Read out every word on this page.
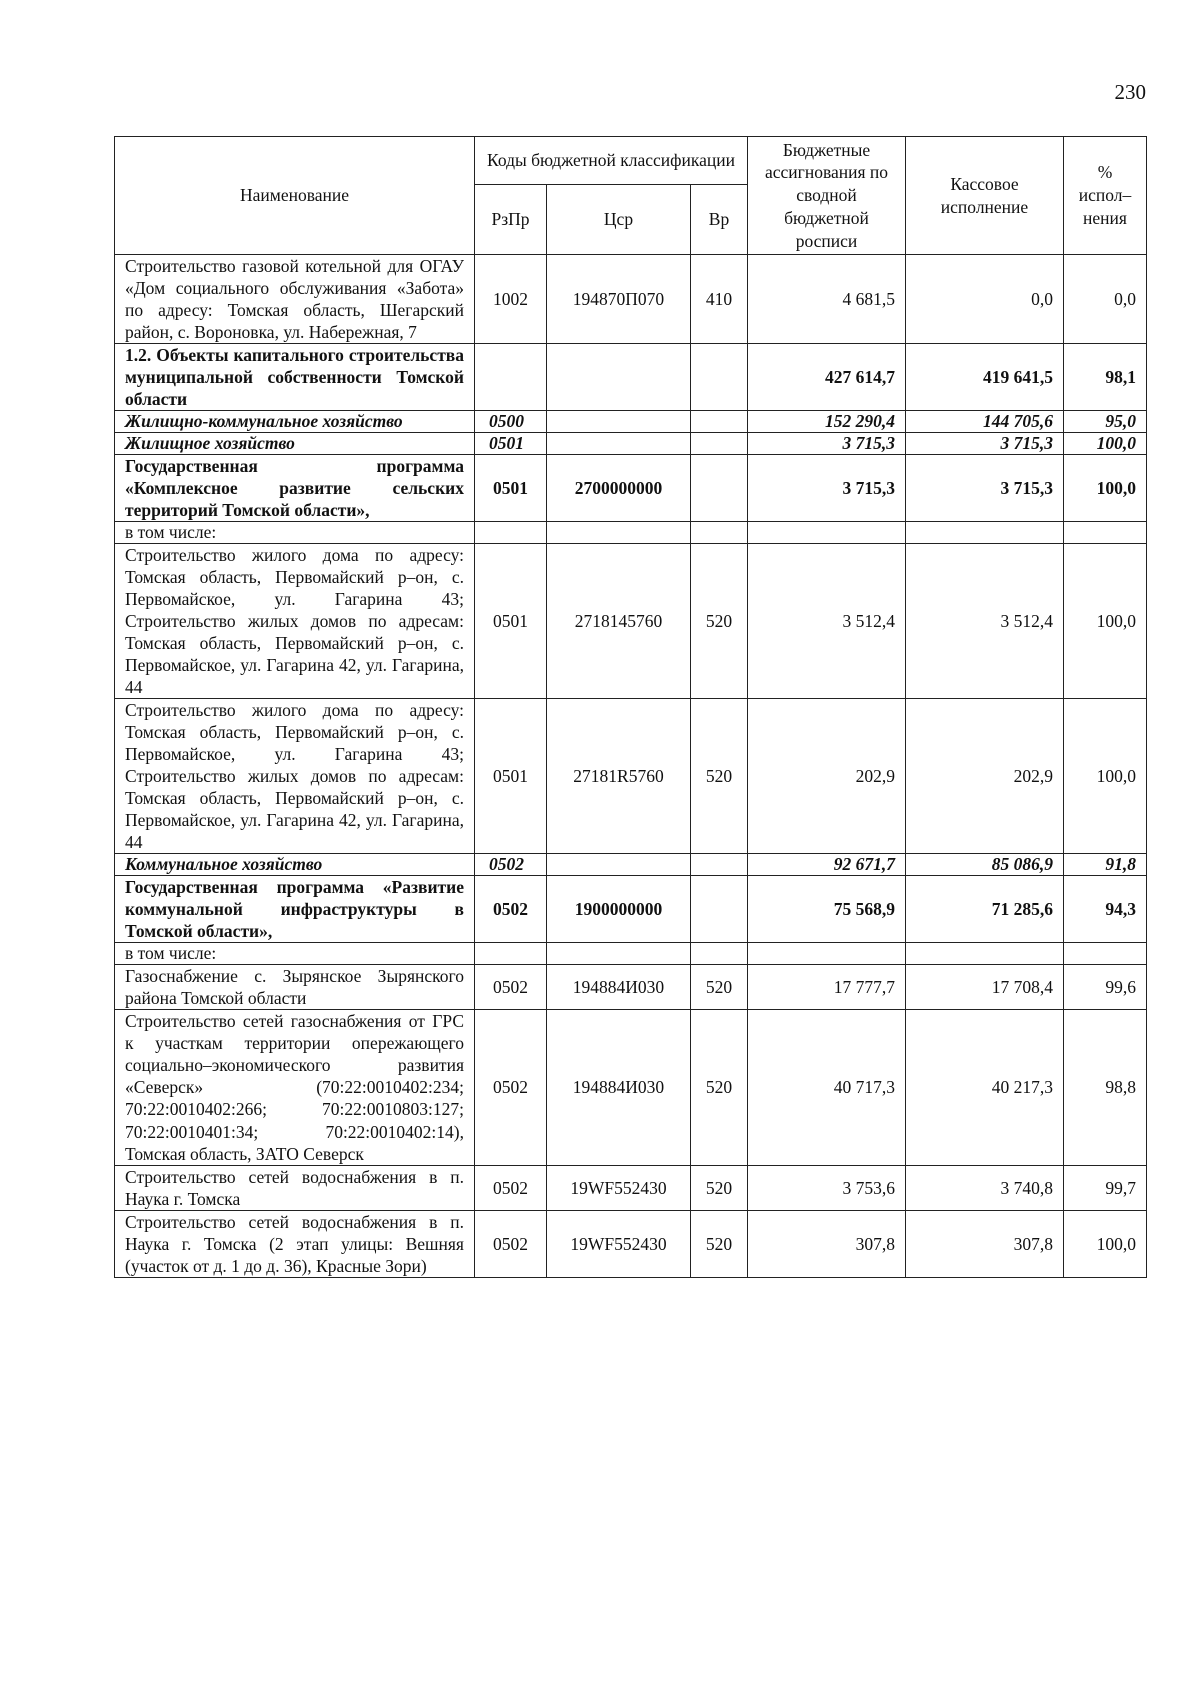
230
Наименование	Коды бюджетной классификации			Бюджетные ассигнования по сводной бюджетной росписи	Кассовое исполнение	% испол–нения
	РзПр	Цср	Вр			
Строительство газовой котельной для ОГАУ «Дом социального обслуживания «Забота» по адресу: Томская область, Шегарский район, с. Вороновка, ул. Набережная, 7	1002	194870П070	410	4 681,5	0,0	0,0
1.2. Объекты капитального строительства муниципальной собственности Томской области				427 614,7	419 641,5	98,1
Жилищно-коммунальное хозяйство	0500			152 290,4	144 705,6	95,0
Жилищное хозяйство	0501			3 715,3	3 715,3	100,0
Государственная программа «Комплексное развитие сельских территорий Томской области»,	0501	2700000000		3 715,3	3 715,3	100,0
в том числе:						
Строительство жилого дома по адресу: Томская область, Первомайский р–он, с. Первомайское, ул. Гагарина 43; Строительство жилых домов по адресам: Томская область, Первомайский р–он, с. Первомайское, ул. Гагарина 42, ул. Гагарина, 44	0501	2718145760	520	3 512,4	3 512,4	100,0
Строительство жилого дома по адресу: Томская область, Первомайский р–он, с. Первомайское, ул. Гагарина 43; Строительство жилых домов по адресам: Томская область, Первомайский р–он, с. Первомайское, ул. Гагарина 42, ул. Гагарина, 44	0501	27181R5760	520	202,9	202,9	100,0
Коммунальное хозяйство	0502			92 671,7	85 086,9	91,8
Государственная программа «Развитие коммунальной инфраструктуры в Томской области»,	0502	1900000000		75 568,9	71 285,6	94,3
в том числе:						
Газоснабжение с. Зырянское Зырянского района Томской области	0502	194884И030	520	17 777,7	17 708,4	99,6
Строительство сетей газоснабжения от ГРС к участкам территории опережающего социально–экономического развития «Северск» (70:22:0010402:234; 70:22:0010402:266; 70:22:0010803:127; 70:22:0010401:34; 70:22:0010402:14), Томская область, ЗАТО Северск	0502	194884И030	520	40 717,3	40 217,3	98,8
Строительство сетей водоснабжения в п. Наука г. Томска	0502	19WF552430	520	3 753,6	3 740,8	99,7
Строительство сетей водоснабжения в п. Наука г. Томска (2 этап улицы: Вешняя (участок от д. 1 до д. 36), Красные Зори)	0502	19WF552430	520	307,8	307,8	100,0
